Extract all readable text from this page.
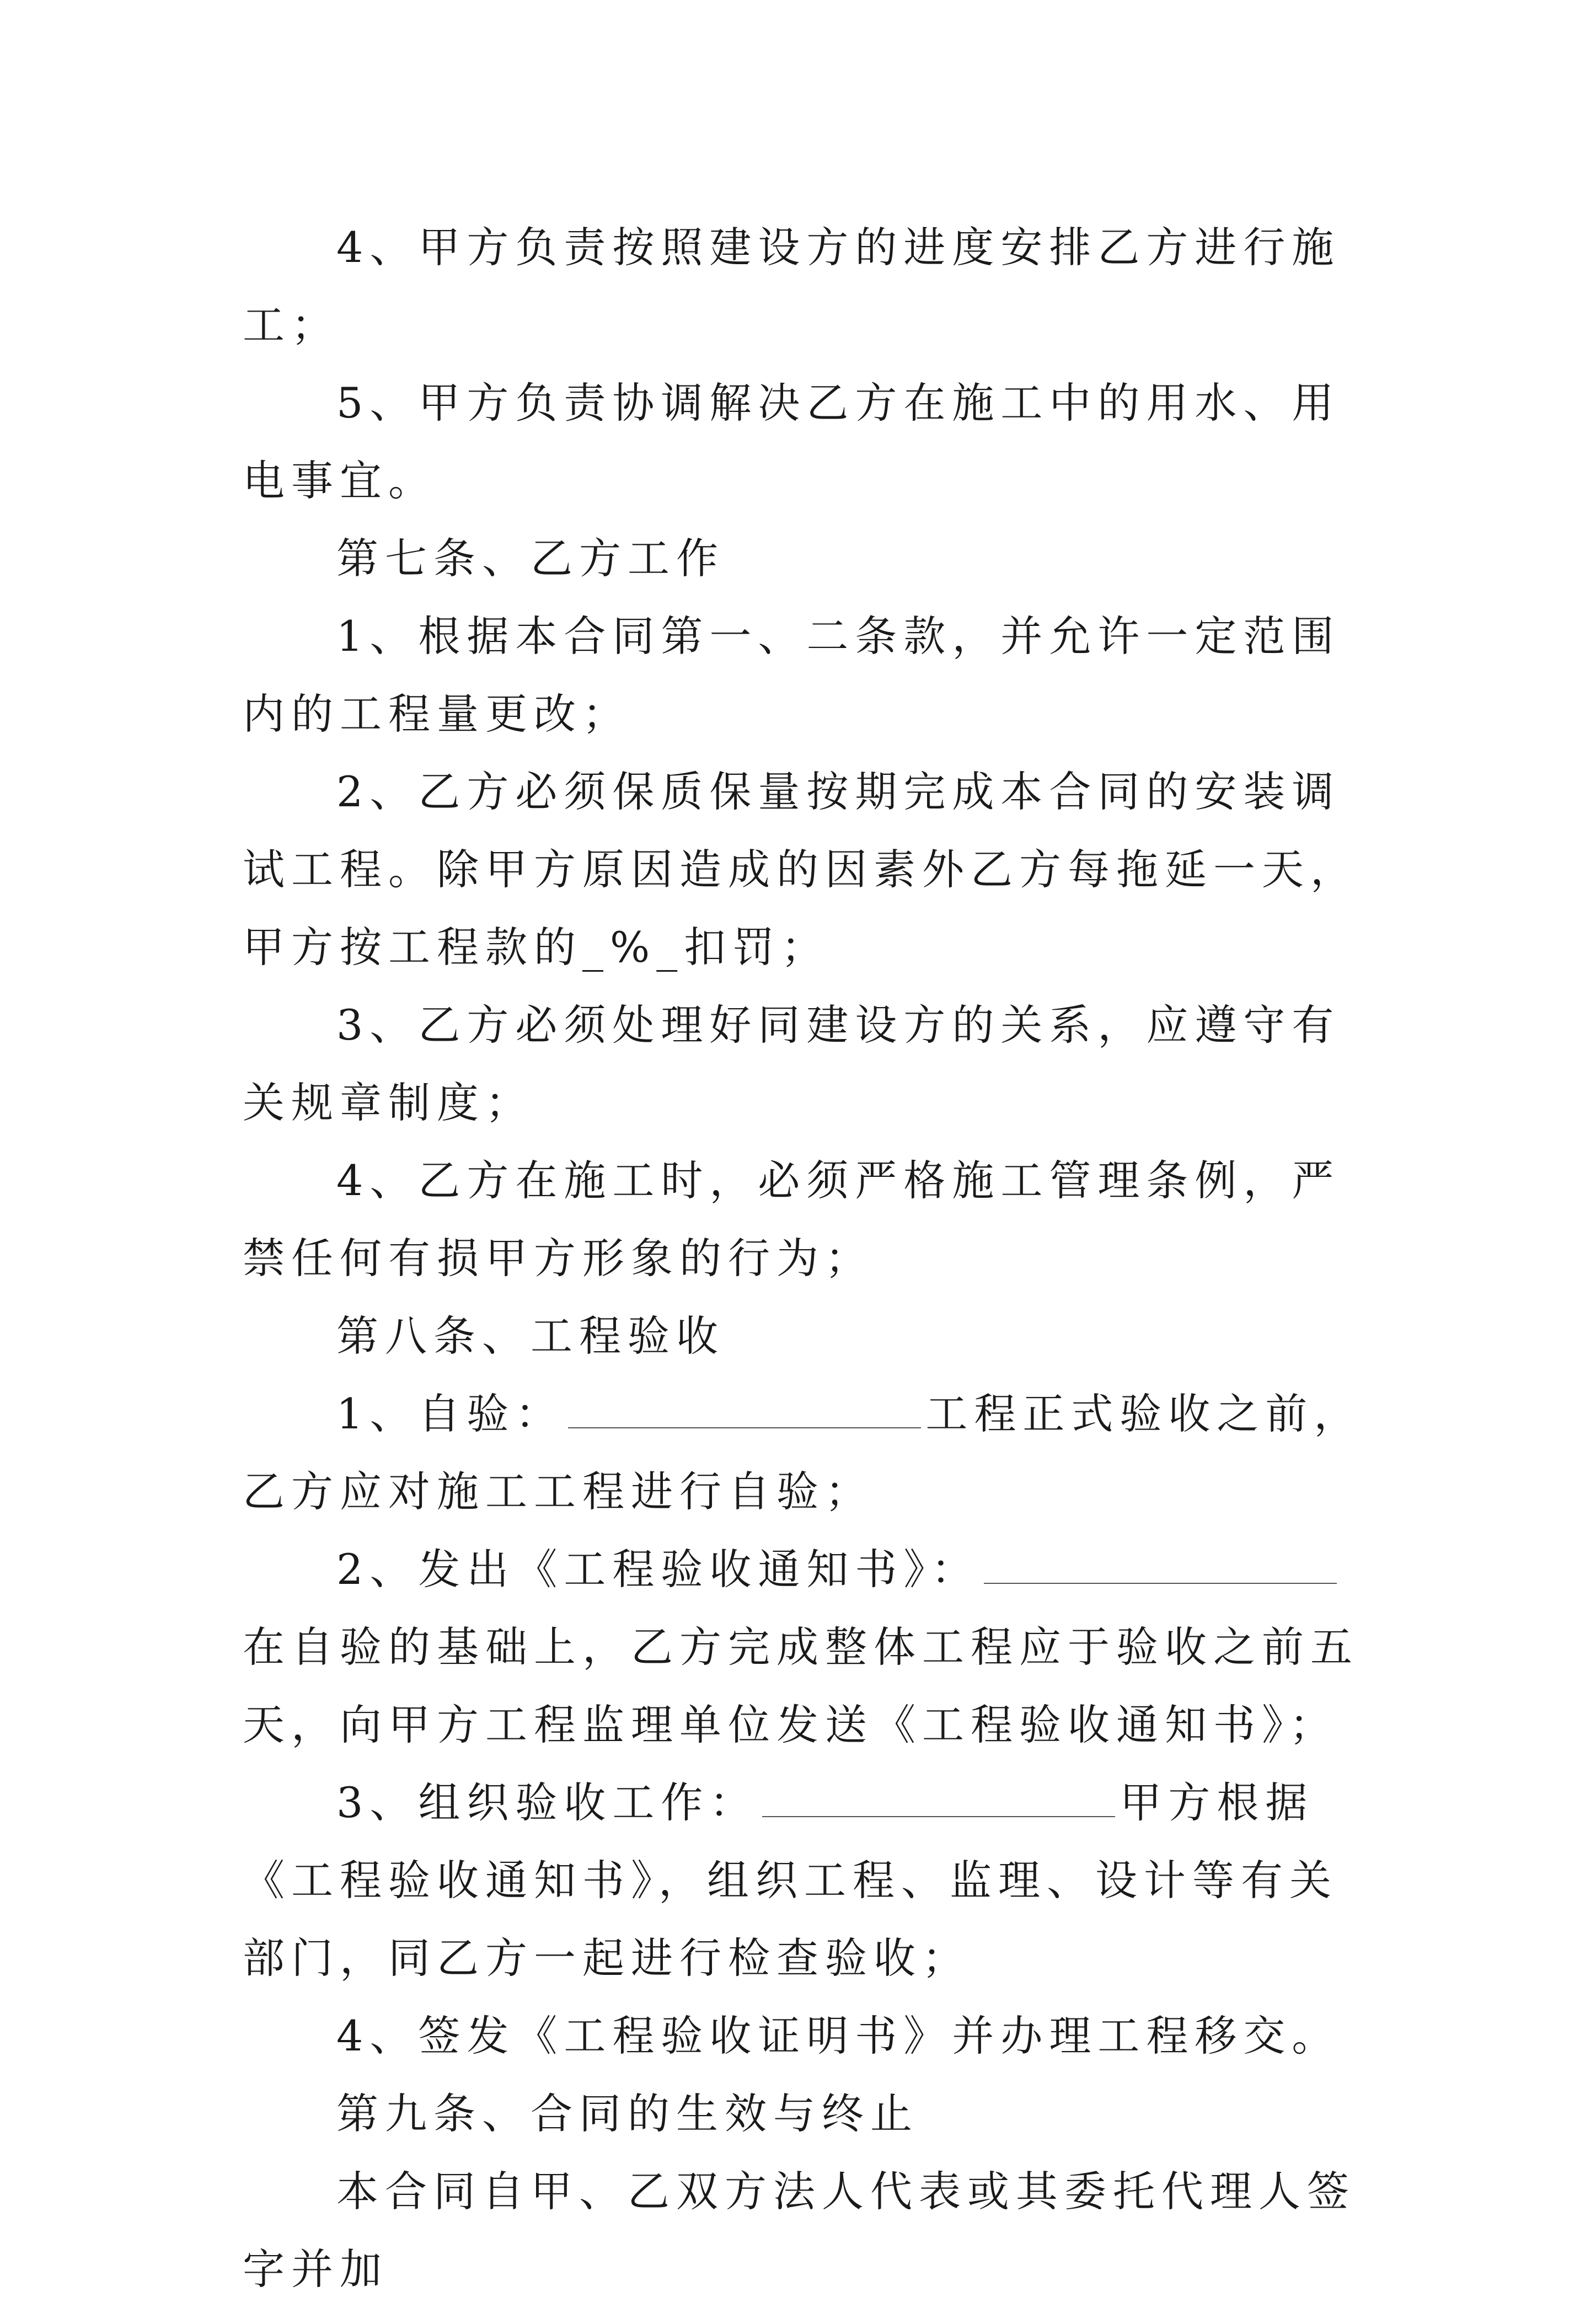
4、甲方负责按照建设方的进度安排乙方进行施工；

5、甲方负责协调解决乙方在施工中的用水、用电事宜。

第七条、乙方工作

1、根据本合同第一、二条款，并允许一定范围内的工程量更改；

2、乙方必须保质保量按期完成本合同的安装调试工程。除甲方原因造成的因素外乙方每拖延一天，甲方按工程款的_%_扣罚；

3、乙方必须处理好同建设方的关系，应遵守有关规章制度；

4、乙方在施工时，必须严格施工管理条例，严禁任何有损甲方形象的行为；

第八条、工程验收

1、自验：	工程正式验收之前，乙方应对施工工程进行自验；

2、发出《工程验收通知书》：在自验的基础上，乙方完成整体工程应于验收之前五天，向甲方工程监理单位发送《工程验收通知书》；

3、组织验收工作：	甲方根据《工程验收通知书》，组织工程、监理、设计等有关部门，同乙方一起进行检查验收；

4、签发《工程验收证明书》并办理工程移交。

第九条、合同的生效与终止

本合同自甲、乙双方法人代表或其委托代理人签字并加
